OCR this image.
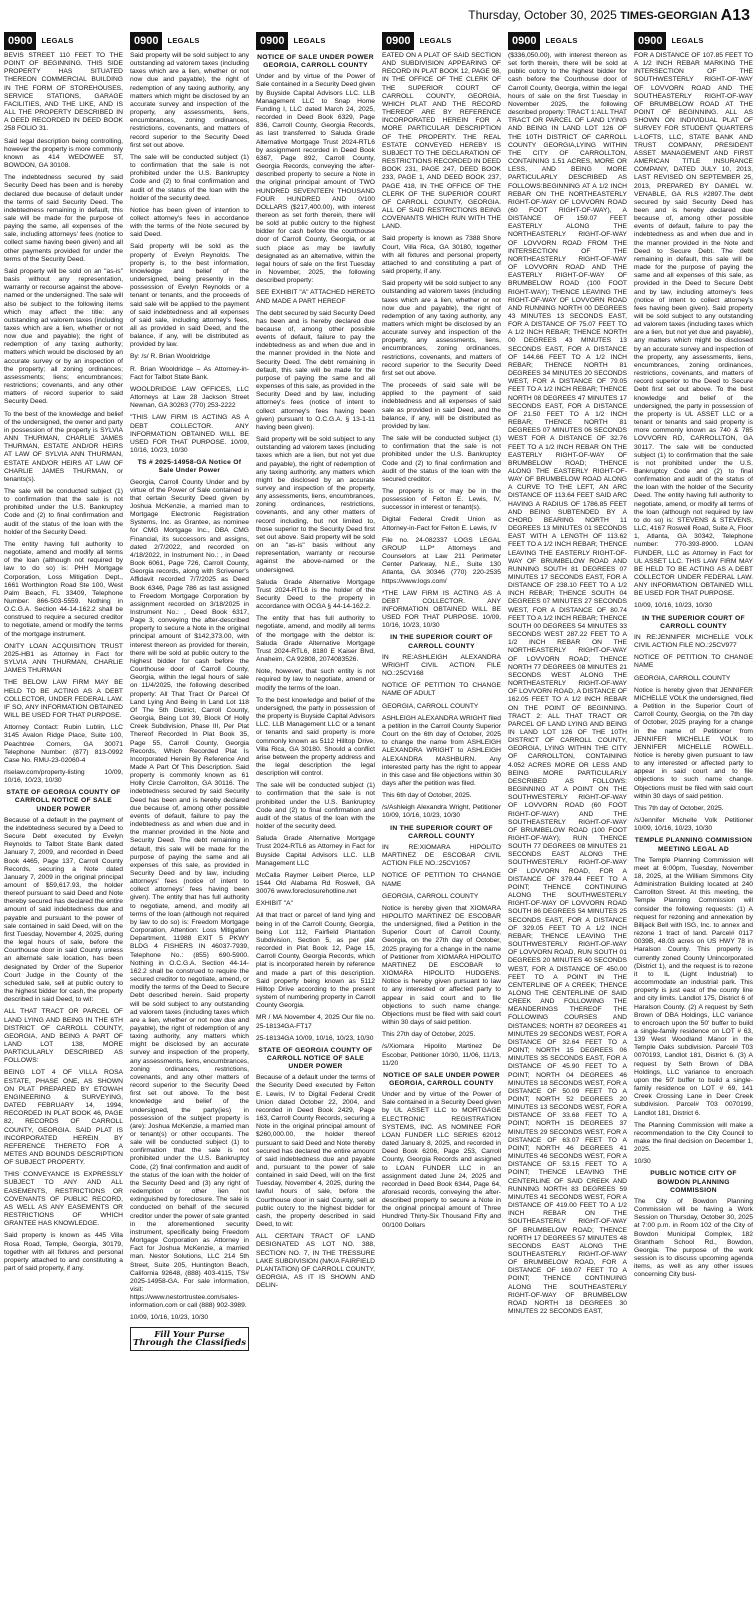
Thursday, October 30, 2025 TIMES-GEORGIAN A13
0900	LEGALS

BEVIS STREET 110 FEET TO THE POINT OF BEGINNING. THIS SIDE PROPERTY HAS SITUATED THEREON COMMERCIAL BUILDING IN THE FORM OF STOREHOUSES, SERVICE STATIONS, GARAGE FACILITIES, AND THE LIKE, AND IS ALL THE PROPERTY DESCRIBED IN A DEED RECORDED IN DEED BOOK 258 FOLIO 31.

Said legal description being controlling, however the property is more commonly known as 414 WEDOWEE ST, BOWDON, GA 30108.

The indebtedness secured by said Security Deed has been and is hereby declared due because of default under the terms of said Security Deed. The indebtedness remaining in default, this sale will be made for the purpose of paying the same, all expenses of the sale, including attorneys' fees (notice to collect same having been given) and all other payments provided for under the terms of the Security Deed.

Said property will be sold on an "as-is" basis without any representation, warranty or recourse against the above-named or the undersigned. The sale will also be subject to the following items which may affect the title: any outstanding ad valorem taxes (including taxes which are a lien, whether or not now due and payable); the right of redemption of any taxing authority; matters which would be disclosed by an accurate survey or by an inspection of the property; all zoning ordinances; assessments; liens; encumbrances; restrictions; covenants, and any other matters of record superior to said Security Deed.

To the best of the knowledge and belief of the undersigned, the owner and party in possession of the property is SYLVIA ANN THURMAN, CHARLIE JAMES THURMAN, ESTATE AND/OR HEIRS AT LAW OF SYLVIA ANN THURMAN, ESTATE AND/OR HEIRS AT LAW OF CHARLIE JAMES THURMAN, or tenants(s).

The sale will be conducted subject (1) to confirmation that the sale is not prohibited under the U.S. Bankruptcy Code and (2) to final confirmation and audit of the status of the loan with the holder of the Security Deed.

The entity having full authority to negotiate, amend and modify all terms of the loan (although not required by law to do so) is: PHH Mortgage Corporation, Loss Mitigation Dept., 1661 Worthington Road Ste 100, West Palm Beach, FL 33409, Telephone Number: 866-503-5559. Nothing in O.C.G.A. Section 44-14-162.2 shall be construed to require a secured creditor to negotiate, amend or modify the terms of the mortgage instrument.

ONITY LOAN ACQUISITION TRUST 2025-HB1 as Attorney in Fact for SYLVIA ANN THURMAN, CHARLIE JAMES THURMAN

THE BELOW LAW FIRM MAY BE HELD TO BE ACTING AS A DEBT COLLECTOR, UNDER FEDERAL LAW. IF SO, ANY INFORMATION OBTAINED WILL BE USED FOR THAT PURPOSE.

Attorney Contact: Rubin Lublin, LLC 3145 Avalon Ridge Place, Suite 100, Peachtree Corners, GA 30071 Telephone Number: (877) 813-0992 Case No. RMU-23-02060-4

rlselaw.com/property-listing 10/09, 10/16, 10/23, 10/30

STATE OF GEORGIA COUNTY OF CARROLL NOTICE OF SALE UNDER POWER

Because of a default in the payment of the indebtedness secured by a Deed to Secure Debt executed by Evelyn Reynolds to Talbot State Bank dated January 7, 2009, and recorded in Deed Book 4465, Page 137, Carroll County Records, securing a Note dated January 7, 2009 in the original principal amount of $59,617.93, the holder thereof pursuant to said Deed and Note thereby secured has declared the entire amount of said indebtedness due and payable and pursuant to the power of sale contained in said Deed, will on the first Tuesday, November 4, 2025, during the legal hours of sale, before the Courthouse door in said County unless an alternate sale location, has been designated by Order of the Superior Court Judge in the County of the scheduled sale, sell at public outcry to the highest bidder for cash, the property described in said Deed, to wit:

ALL THAT TRACT OR PARCEL OF LAND LYING AND BEING IN THE 6TH DISTRICT OF CARROLL COUNTY, GEORGIA, AND BEING A PART OF LAND LOT 138, MORE PARTICULARLY DESCRIBED AS FOLLOWS:

BEING LOT 4 OF VILLA ROSA ESTATE, PHASE ONE, AS SHOWN ON PLAT PREPARED BY ETOWAH ENGINEERING & SURVEYING, DATED FEBRUARY 14, 1994, RECORDED IN PLAT BOOK 46, PAGE 82, RECORDS OF CARROLL COUNTY, GEORGIA. SAID PLAT IS INCORPORATED HEREIN BY REFERENCE THERETO FOR A METES AND BOUNDS DESCRIPTION OF SUBJECT PROPERTY.

THIS CONVEYANCE IS EXPRESSLY SUBJECT TO ANY AND ALL EASEMENTS, RESTRICTIONS OR COVENANTS OF PUBLIC RECORD, AS WELL AS ANY EASEMENTS OR RESTRICTIONS OF WHICH GRANTEE HAS KNOWLEDGE.

Said property is known as 445 Villa Rosa Road, Temple, Georgia, 30179, together with all fixtures and personal property attached to and constituting a part of said property, if any.

0900	LEGALS

Said property will be sold subject to any outstanding ad valorem taxes (including taxes which are a lien, whether or not now due and payable), the right of redemption of any taxing authority, any matters which might be disclosed by an accurate survey and inspection of the property, any assessments, liens, encumbrances, zoning ordinances, restrictions, covenants, and matters of record superior to the Security Deed first set out above.

The sale will be conducted subject (1) to confirmation that the sale is not prohibited under the U.S. Bankruptcy Code and (2) to final confirmation and audit of the status of the loan with the holder of the security deed.

Notice has been given of intention to collect attorney's fees in accordance with the terms of the Note secured by said Deed.

Said property will be sold as the property of Evelyn Reynolds. The property is, to the best information, knowledge and belief of the undersigned, being presently in the possession of Evelyn Reynolds or a tenant or tenants, and the proceeds of said sale will be applied to the payment of said indebtedness and all expenses of said sale, including attorney's fees, all as provided in said Deed, and the balance, if any, will be distributed as provided by law.

By: /s/ R. Brian Wooldridge

R. Brian Wooldridge – As Attorney-in- Fact for Talbot State Bank.

WOOLDRIDGE LAW OFFICES, LLC Attorneys at Law 28 Jackson Street Newnan, GA 30263 (770) 253-2222

"THIS LAW FIRM IS ACTING AS A DEBT COLLECTOR. ANY INFORMATION OBTAINED WILL BE USED FOR THAT PURPOSE. 10/09, 10/16, 10/23, 10/30

TS # 2025-14958-GA Notice Of Sale Under Power

Georgia, Carroll County Under and by virtue of the Power of Sale contained in that certain Security Deed given by Joshua McKenzie, a married man to Mortgage Electronic Registration Systems, Inc. as Grantee, as nominee for CMG Mortgage Inc., DBA CMG Financial, its successors and assigns, dated 2/7/2022, and recorded on 4/18/2022, in Instrument No.: , in Deed Book 6061, Page 726, Carroll County, Georgia records, along with Scrivener's Affidavit recorded 7/7/2025 as Deed Book 6346, Page 786 as last assigned to Freedom Mortgage Corporation by assignment recorded on 3/18/2025 in Instrument No.: , Deed Book 6317, Page 3, conveying the after-described property to secure a Note in the original principal amount of $142,373.00, with interest thereon as provided for therein, there will be sold at public outcry to the highest bidder for cash before the Courthouse door of Carroll County, Georgia, within the legal hours of sale on 11/4/2025, the following described property: All That Tract Or Parcel Of Land Lying And Being In Land Lot 118 Of The 5th District, Carroll County, Georgia, Being Lot 39, Block Of Holly Creek Subdivision, Phase III, Per Plat Thereof Recorded In Plat Book 35, Page 55, Carroll County, Georgia Records, Which Recorded Plat Is Incorporated Herein By Reference And Made A Part Of This Description. Said property is commonly known as 61 Holly Circle Carrollton, GA 30116. The indebtedness secured by said Security Deed has been and is hereby declared due because of, among other possible events of default, failure to pay the indebtedness as and when due and in the manner provided in the Note and Security Deed. The debt remaining in default, this sale will be made for the purpose of paying the same and all expenses of this sale, as provided in Security Deed and by law, including attorneys' fees (notice of intent to collect attorneys' fees having been given). The entity that has full authority to negotiate, amend, and modify all terms of the loan (although not required by law to do so) is: Freedom Mortgage Corporation, Attention: Loss Mitigation Department, 11988 EXIT 5 PKWY BLDG 4 FISHERS IN 46037-7939, Telephone No.: (855) 690-5900. Nothing in O.C.G.A. Section 44-14-162.2 shall be construed to require the secured creditor to negotiate, amend, or modify the terms of the Deed to Secure Debt described herein. Said property will be sold subject to any outstanding ad valorem taxes (including taxes which are a lien, whether or not now due and payable), the right of redemption of any taxing authority, any matters which might be disclosed by an accurate survey and inspection of the property, any assessments, liens, encumbrances, zoning ordinances, restrictions, covenants, and any other matters of record superior to the Security Deed first set out above. To the best knowledge and belief of the undersigned, the party(ies) in possession of the subject property is (are): Joshua McKenzie, a married man or tenant(s) or other occupants. The sale will be conducted subject (1) to confirmation that the sale is not prohibited under the U.S. Bankruptcy Code, (2) final confirmation and audit of the status of the loan with the holder of the Security Deed and (3) any right of redemption or other lien not extinguished by foreclosure. The sale is conducted on behalf of the secured creditor under the power of sale granted in the aforementioned security instrument, specifically being Freedom Mortgage Corporation as Attorney in Fact for Joshua McKenzie, a married man. Nestor Solutions, LLC 214 5th Street, Suite 205, Huntington Beach, California 92648, (888) 403-4115, TS# 2025-14958-GA. For sale information, visit: https://www.nestortrustee.com/sales-information.com or call (888) 902-3989.

10/09, 10/16, 10/23, 10/30

Fill Your Purse Through the Classifieds
0900	LEGALS
NOTICE OF SALE UNDER POWER GEORGIA, CARROLL COUNTY

Under and by virtue of the Power of Sale contained in a Security Deed given by Buyside Capital Advisors LLC. LLB Management LLC to Snap Home Funding I, LLC dated March 24, 2025, recorded in Deed Book 6329, Page 836, Carroll County, Georgia Records, as last transferred to Saluda Grade Alternative Mortgage Trust 2024-RTL6 by assignment recorded in Deed Book 6367, Page 892, Carroll County, Georgia Records, conveying the after-described property to secure a Note in the original principal amount of TWO HUNDRED SEVENTEEN THOUSAND FOUR HUNDRED AND 0/100 DOLLARS ($217,400.00), with interest thereon as set forth therein, there will be sold at public outcry to the highest bidder for cash before the courthouse door of Carroll County, Georgia, or at such place as may be lawfully designated as an alternative, within the legal hours of sale on the first Tuesday in November, 2025, the following described property:

SEE EXHIBIT "A" ATTACHED HERETO AND MADE A PART HEREOF

The debt secured by said Security Deed has been and is hereby declared due because of, among other possible events of default, failure to pay the indebtedness as and when due and in the manner provided in the Note and Security Deed. The debt remaining in default, this sale will be made for the purpose of paying the same and all expenses of this sale, as provided in the Security Deed and by law, including attorney's fees (notice of intent to collect attorney's fees having been given) pursuant to O.C.G.A. § 13-1-11 having been given).

Said property will be sold subject to any outstanding ad valorem taxes (including taxes which are a lien, but not yet due and payable), the right of redemption of any taxing authority, any matters which might be disclosed by an accurate survey and inspection of the property, any assessments, liens, encumbrances, zoning ordinances, restrictions, covenants, and any other matters of record including, but not limited to, those superior to the Security Deed first set out above. Said property will be sold on an "as-is" basis without any representation, warranty or recourse against the above-named or the undersigned.

Saluda Grade Alternative Mortgage Trust 2024-RTL6 is the holder of the Security Deed to the property in accordance with OCGA § 44-14-162.2.

The entity that has full authority to negotiate, amend, and modify all terms of the mortgage with the debtor is: Saluda Grade Alternative Mortgage Trust 2024-RTL6, 8180 E Kaiser Blvd, Anaheim, CA 92808, 2074083526.

Note, however, that such entity is not required by law to negotiate, amend or modify the terms of the loan.

To the best knowledge and belief of the undersigned, the party in possession of the property is Buyside Capital Advisors LLC. LLB Management LLC or a tenant or tenants and said property is more commonly known as 5112 Hilltop Drive, Villa Rica, GA 30180. Should a conflict arise between the property address and the legal description the legal description will control.

The sale will be conducted subject (1) to confirmation that the sale is not prohibited under the U.S. Bankruptcy Code and (2) to final confirmation and audit of the status of the loan with the holder of the security deed.

Saluda Grade Alternative Mortgage Trust 2024-RTL6 as Attorney in Fact for Buyside Capital Advisors LLC. LLB Management LLC

McCalla Raymer Leibert Pierce, LLP 1544 Old Alabama Rd Roswell, GA 30076 www.foreclosurehotline.net

EXHIBIT "A"

All that tract or parcel of land lying and being in of the Carroll County, Georgia, being Lot 112, Fairfield Plantation Subdivision, Section 5, as per plat recorded in Plat Book 12, Page 15, Carroll County, Georgia Records, which plat is incorporated herein by reference and made a part of this description. Said property being known as 5112 Hilltop Drive according to the present system of numbering property in Carroll County Georgia.

MR / MA November 4, 2025 Our file no. 25-18134GA-FT17

25-18134GA 10/09, 10/16, 10/23, 10/30

STATE OF GEORGIA COUNTY OF CARROLL NOTICE OF SALE UNDER POWER

Because of a default under the terms of the Security Deed executed by Felton E. Lewis, IV to Digital Federal Credit Union dated October 22, 2004, and recorded in Deed Book 2429, Page 163, Carroll County Records, securing a Note in the original principal amount of $260,000.00, the holder thereof pursuant to said Deed and Note thereby secured has declared the entire amount of said indebtedness due and payable and, pursuant to the power of sale contained in said Deed, will on the first Tuesday, November 4, 2025, during the lawful hours of sale, before the Courthouse door in said County, sell at public outcry to the highest bidder for cash, the property described in said Deed, to wit:

ALL CERTAIN TRACT OF LAND DESIGNATED AS LOT NO. 388, SECTION NO. 7, IN THE TRESSURE LAKE SUBDIVISION (N/K/A FAIRFIELD PLANTATION) OF CARROLL COUNTY, GEORGIA, AS IT IS SHOWN AND DELIN-

0900	LEGALS

EATED ON A PLAT OF SAID SECTION AND SUBDIVISION APPEARING OF RECORD IN PLAT BOOK 12, PAGE 98, IN THE OFFICE OF THE CLERK OF THE SUPERIOR COURT OF CARROLL COUNTY, GEORGIA, WHICH PLAT AND THE RECORD THEREOF ARE BY REFERENCE INCORPORATED HEREIN FOR A MORE PARTICULAR DESCRIPTION OF THE PROPERTY. THE REAL ESTATE CONVEYED HEREBY IS SUBJECT TO THE DECLARATION OF RESTRICTIONS RECORDED IN DEED BOOK 231, PAGE 247, DEED BOOK 233, PAGE 1, AND DEED BOOK 237, PAGE 418, IN THE OFFICE OF THE CLERK OF THE SUPERIOR COURT OF CARROLL COUNTY, GEORGIA. ALL OF SAID RESTRICTIONS BEING COVENANTS WHICH RUN WITH THE LAND.

Said property is known as 7388 Shore Court, Villa Rica, GA 30180, together with all fixtures and personal property attached to and constituting a part of said property, if any.

Said property will be sold subject to any outstanding ad valorem taxes (including taxes which are a lien, whether or not now due and payable), the right of redemption of any taxing authority, any matters which might be disclosed by an accurate survey and inspection of the property, any assessments, liens, encumbrances, zoning ordinances, restrictions, covenants, and matters of record superior to the Security Deed first set out above.

The proceeds of said sale will be applied to the payment of said indebtedness and all expenses of said sale as provided in said Deed, and the balance, if any, will be distributed as provided by law.

The sale will be conducted subject (1) to confirmation that the sale is not prohibited under the U.S. Bankruptcy Code and (2) to final confirmation and audit of the status of the loan with the secured creditor.

The property is or may be in the possession of Felton E. Lewis, IV, successor in interest or tenant(s).

Digital Federal Credit Union as Attorney-in-Fact for Felton E. Lewis, IV

File no. 24-082337 LOGS LEGAL GROUP LLP* Attorneys and Counselors at Law 211 Perimeter Center Parkway, N.E., Suite 130 Atlanta, GA 30346 (770) 220-2535 https://www.logs.com/

*THE LAW FIRM IS ACTING AS A DEBT COLLECTOR. ANY INFORMATION OBTAINED WILL BE USED FOR THAT PURPOSE. 10/09, 10/16, 10/23, 10/30

IN THE SUPERIOR COURT OF CARROLL COUNTY

IN RE:ASHLEIGH ALEXANDRA WRIGHT CIVIL ACTION FILE NO.:25CV168

NOTICE OF PETITION TO CHANGE NAME OF ADULT

GEORGIA, CARROLL COUNTY

ASHLEIGH ALEXANDRA WRIGHT filed a petition in the Carroll County Superior Court on the 6th day of October, 2025 to change the name from ASHLEIGH ALEXANDRA WRIGHT to ASHLEIGH ALEXANDRA MASHBURN. Any interested party has the right to appear in this case and file objections within 30 days after the petition was filed.

This 6th day of October, 2025.

/s/Ashleigh Alexandra Wright, Petitioner 10/09, 10/16, 10/23, 10/30

IN THE SUPERIOR COURT OF CARROLL COUNTY

IN RE:XIOMARA HIPOLITO MARTINEZ DE ESCOBAR CIVIL ACTION FILE NO.:25CV1057

NOTICE OF PETITION TO CHANGE NAME

GEORGIA, CARROLL COUNTY

Notice is hereby given that XIOMARA HIPOLITO MARTINEZ DE ESCOBAR the undersigned, filed a Petition in the Superior Court of Carroll County, Georgia, on the 27th day of October, 2025 praying for a change in the name of Petitioner from XIOMARA HIPOLITO MARTINEZ DE ESCOBAR to XIOMARA HIPOLITO HUDGENS. Notice is hereby given pursuant to law to any interested or affected party to appear in said court and to file objections to such name change. Objections must be filed with said court within 30 days of said petition.

This 27th day of October, 2025.

/s/Xiomara Hipolito Martinez De Escobar, Petitioner 10/30, 11/06, 11/13, 11/20

NOTICE OF SALE UNDER POWER GEORGIA, CARROLL COUNTY

Under and by virtue of the Power of Sale contained in a Security Deed given by UL ASSET LLC to MORTGAGE ELECTRONIC REGISTRATION SYSTEMS, INC. AS NOMINEE FOR LOAN FUNDER LLC SERIES 62012 dated January 8, 2025, and recorded in Deed Book 6206, Page 253, Carroll County, Georgia Records and assigned to LOAN FUNDER LLC in an assignment dated June 24, 2025 and recorded in Deed Book 6344, Page 64, aforesaid records, conveying the after-described property to secure a Note in the original principal amount of Three Hundred Thirty-Six Thousand Fifty and 00/100 Dollars

0900	LEGALS

($336,050.00), with interest thereon as set forth therein, there will be sold at public outcry to the highest bidder for cash before the Courthouse door of Carroll County, Georgia, within the legal hours of sale on the first Tuesday in November 2025, the following described property: TRACT 1:ALL THAT TRACT OR PARCEL OF LAND LYING AND BEING IN LAND LOT 126 OF THE 10TH DISTRICT OF CARROLL COUNTY GEORGIA,LYING WITHIN THE CITY OF CARROLLTON, CONTAINING 1.51 ACRES, MORE OR LESS, AND BEING MORE PARTICULARLY DESCRIBED AS FOLLOWS:BEGINNING AT A 1/2 INCH REBAR ON THE NORTHEASTERLY RIGHT-OF-WAY OF LOVVORN ROAD (60 FOOT RIGHT-OF-WAY), A DISTANCE OF 159.07 FEET EASTERLY ALONG THE NORTHEASTERLY RIGHT-OF-WAY OF LOVVORN ROAD FROM THE INTERSECTION OF THE NORTHEASTERLY RIGHT-OF-WAY OF LOVVORN ROAD AND THE EASTERLY RIGHT-OF-WAY OF BRUMBELOW ROAD (100 FOOT RIGHT-WAY); THENCE LEAVING THE RIGHT-OF-WAY OF LOVVORN ROAD AND RUNNING NORTH 00 DEGREES 43 MINUTES 13 SECONDS EAST, FOR A DISTANCE OF 75.07 FEET TO A 1/2 INCH REBAR; THENCE NORTH 00 DEGREES 43 MINUTES 13 SECONDS EAST, FOR A DISTANCE OF 144.66 FEET TO A 1/2 INCH REBAR; THENCE NORTH 81 DEGREES 34 MINUTES 20 SECONDS WEST, FOR A DISTANCE OF 79.05 FEET TO A 1/2 INCH REBAR; THENCE NORTH 08 DEGREES 47 MINUTES 17 SECONDS EAST, FOR A DISTANCE OF 21.50 FEET TO A 1/2 INCH REBAR; THENCE NORTH 81 DEGREES 07 MINUTES 06 SECONDS WEST FOR A DISTANCE OF 32.76 FEET TO A 1/2 INCH REBAR ON THE EASTERLY RIGHT-OF-WAY OF BRUMBELOW ROAD; THENCE ALONG THE EASTERLY RIGHT-OF-WAY OF BRUMBELOW ROAD ALONG A CURVE TO THE LEFT, AN ARC DISTANCE OF 113.64 FEET SAID ARC HAVING A RADIUS OF 1786.85 FEET AND BEING SUBTENDED BY A CHORD BEARING NORTH 11 DEGREES 13 MINUTES 01 SECONDS EAST WITH A LENGTH OF 113.62 FEET TO A 1/2 INCH REBAR; THENCE LEAVING THE EASTERLY RIGHT-OF-WAY OF BRUMBELOW ROAD AND RUNNING SOUTH 81 DEGREES 07 MINUTES 17 SECONDS EAST, FOR A DISTANCE OF 238.10 FEET TO A 1/2 INCH REBAR; THENCE SOUTH 04 DEGREES 07 MINUTES 27 SECONDS WEST, FOR A DISTANCE OF 80.74 FEET TO A 1/2 INCH REBAR; THENCE SOUTH 00 DEGREES 54 MINUTES 33 SECONDS WEST 287.22 FEET TO A 1/2 INCH REBAR ON THE NORTHEASTERLY RIGHT-OF-WAY OF LOVVORN ROAD; THENCE NORTH 77 DEGREES 08 MINUTES 21 SECONDS WEST ALONG THE NORTHEASTERLY RIGHT-OF-WAY OF LOVVORN ROAD, A DISTANCE OF 162.05 FEET TO A 1/2 INCH REBAR ON THE POINT OF BEGINNING. TRACT 2: ALL THAT TRACT OR PARCEL OF LAND LYING AND BEING IN LAND LOT 126 OF THE 10TH DISTRICT OF CARROLL COUNTY, GEORGIA, LYING WITHIN THE CITY OF CARROLLTON, CONTAINING 4.052 ACRES MORE OR LESS AND BEING MORE PARTICULARLY DESCRIBED AS FOLLOWS: BEGINNING AT A POINT ON THE SOUTHWESTERLY RIGHT-OF-WAY OF LOVVORN ROAD (60 FOOT RIGHT-OF-WAY) AND THE SOUTHEASTERLY RIGHT-OF-WAY OF BRUMBELOW ROAD (100 FOOT RIGHT-OF-WAY); RUN THENCE SOUTH 77 DEGREES 08 MINUTES 21 SECONDS EAST ALONG THE SOUTHWESTERLY RIGHT-OF-WAY OF LOVVORN ROAD, FOR A DISTANCE OF 379.44 FEET TO A POINT; THENCE CONTINUING ALONG THE SOUTHWESTERLY RIGHT-OF-WAY OF LOVVORN ROAD SOUTH 86 DEGREES 54 MINUTES 25 SECONDS EAST, FOR A DISTANCE OF 329.05 FEET TO A 1/2 INCH REBAR; THENCE LEAVING THE SOUTHWESTERLY RIGHT-OF-WAY OF LOVVORN ROAD, RUN SOUTH 01 DEGREES 20 MINUTES 40 SECONDS WEST, FOR A DISTANCE OF 450.00 FEET TO A POINT IN THE CENTERLINE OF A CREEK; THENCE ALONG THE CENTERLINE OF SAID CREEK AND FOLLOWING THE MEANDERINGS THEREOF THE FOLLOWING COURSES AND DISTANCES: NORTH 87 DEGREES 41 MINUTES 29 SECONDS WEST, FOR A DISTANCE OF 32.64 FEET TO A POINT; NORTH 15 DEGREES 06 MINUTES 35 SECONDS EAST, FOR A DISTANCE OF 45.90 FEET TO A POINT; NORTH 04 DEGREES 46 MINUTES 18 SECONDS WEST, FOR A DISTANCE OF 50.09 FEET TO A POINT; NORTH 52 DEGREES 20 MINUTES 13 SECONDS WEST, FOR A DISTANCE OF 33.68 FEET TO A POINT; NORTH 15 DEGREES 37 MINUTES 29 SECONDS WEST, FOR A DISTANCE OF 63.07 FEET TO A POINT; NORTH 46 DEGREES 41 MINUTES 46 SECONDS WEST, FOR A DISTANCE OF 53.15 FEET TO A POINT; THENCE LEAVING THE CENTERLINE OF SAID CREEK AND RUNNING NORTH 83 DEGREES 59 MINUTES 41 SECONDS WEST, FOR A DISTANCE OF 419.00 FEET TO A 1/2 INCH REBAR ON THE SOUTHEASTERLY RIGHT-OF-WAY OF BRUMBELOW ROAD; THENCE NORTH 17 DEGREES 57 MINUTES 48 SECONDS EAST ALONG THE SOUTHEASTERLY RIGHT-OF-WAY OF BRUMBELOW ROAD, FOR A DISTANCE OF 169.07 FEET TO A POINT; THENCE CONTINUING ALONG THE SOUTHEASTERLY RIGHT-OF-WAY OF BRUMBELOW ROAD NORTH 18 DEGREES 30 MINUTES 22 SECONDS EAST,

0900	LEGALS

FOR A DISTANCE OF 107.85 FEET TO A 1/2 INCH REBAR MARKING THE INTERSECTION OF THE SOUTHWESTERLY RIGHT-OF-WAY OF LOVVORN ROAD AND THE SOUTHEASTERLY RIGHT-OF-WAY OF BRUMBELOW ROAD AT THE POINT OF BEGINNING. ALL AS SHOWN ON INDIVIDUAL PLAT OF SURVEY FOR STUDENT QUARTERS L-LOFTS, LLC, STATE BANK AND TRUST COMPANY, PRESIDENT ASSET MANAGEMENT AND FIRST AMERICAN TITLE INSURANCE COMPANY, DATED JULY 10, 2013, LAST REVISED ON SEPTEMBER 25, 2013, PREPARED BY DANIEL W. VENABLE, GA RLS #2897.The debt secured by said Security Deed has been and is hereby declared due because of, among other possible events of default, failure to pay the indebtedness as and when due and in the manner provided in the Note and Deed to Secure Debt. The debt remaining in default, this sale will be made for the purpose of paying the same and all expenses of this sale, as provided in the Deed to Secure Debt and by law, including attorney's fees (notice of intent to collect attorney's fees having been given). Said property will be sold subject to any outstanding ad valorem taxes (including taxes which are a lien, but not yet due and payable), any matters which might be disclosed by an accurate survey and inspection of the property, any assessments, liens, encumbrances, zoning ordinances, restrictions, covenants, and matters of record superior to the Deed to Secure Debt first set out above. To the best knowledge and belief of the undersigned, the party in possession of the property is UL ASSET LLC or a tenant or tenants and said property is more commonly known as 740 & 785 LOVVORN RD, CARROLLTON, GA 30117. The sale will be conducted subject (1) to confirmation that the sale is not prohibited under the U.S. Bankruptcy Code and (2) to final confirmation and audit of the status of the loan with the holder of the Security Deed. The entity having full authority to negotiate, amend, or modify all terms of the loan (although not required by law to do so) is: STEVENS & STEVENS, LLC, 4167 Roswell Road, Suite A, Floor 1, Atlanta, GA 30342, Telephone number: 770-393-8900. LOAN FUNDER, LLC as Attorney in Fact for UL ASSET LLC. THIS LAW FIRM MAY BE HELD TO BE ACTING AS A DEBT COLLECTOR UNDER FEDERAL LAW. ANY INFORMATION OBTAINED WILL BE USED FOR THAT PURPOSE.

10/09, 10/16, 10/23, 10/30

IN THE SUPERIOR COURT OF CARROLL COUNTY

IN RE:JENNIFER MICHELLE VOLK CIVIL ACTION FILE NO.:25CV977

NOTICE OF PETITION TO CHANGE NAME

GEORGIA, CARROLL COUNTY

Notice is hereby given that JENNIFER MICHELLE VOLK the undersigned, filed a Petition in the Superior Court of Carroll County, Georgia, on the 7th day of October, 2025 praying for a change in the name of Petitioner from JENNIFER MICHELLE VOLK to JENNIFER MICHELLE ROWELL. Notice is hereby given pursuant to law to any interested or affected party to appear in said court and to file objections to such name change. Objections must be filed with said court within 30 days of said petition.

This 7th day of October, 2025.

/s/Jennifer Michelle Volk Petitioner 10/09, 10/16, 10/23, 10/30

TEMPLE PLANNING COMMISSION MEETING LEGAL AD

The Temple Planning Commission will meet at 6:00pm, Tuesday, November 18, 2025, at the William Simmons City Administration Building located at 240 Carrollton Street. At this meeting, the Temple Planning Commission will consider the following requests: (1) A request for rezoning and annexation by Billjack Bell with ISG, Inc. to annex and rezone 1 tract of land. Parcel# 0117 0039B, 48.03 acres on US HWY 78 in Haralson County. This property is currently zoned County Unincorporated (District 1), and the request is to rezone it to IL (Light Industrial) to accommodate an industrial park. This property is just east of the county line and city limits. Landlot 175, District 6 of Haralson County. (2) A request by Seth Brown of DBA Holdings, LLC variance to encroach upon the 50' buffer to build a single-family residence on LOT # 63, 139 West Woodland Manor in the Temple Oaks subdivision. Parcel# T03 0070193, Landlot 181, District 6. (3) A request by Seth Brown of DBA Holdings, LLC variance to encroach upon the 50' buffer to build a single-family residence on LOT # 69, 141 Creek Crossing Lane in Deer Creek subdivision. Parcel# T03 0070199, Landlot 181, District 6.

The Planning Commission will make a recommendation to the City Council to make the final decision on December 1, 2025.

10/30

PUBLIC NOTICE CITY OF BOWDON PLANNING COMMISSION

The City of Bowdon Planning Commission will be having a Work Session on Thursday, October 30, 2025 at 7:00 p.m. in Room 102 of the City of Bowdon Municipal Complex, 182 Grantham School Rd., Bowdon, Georgia. The purpose of the work session is to discuss upcoming agenda items, as well as any other issues concerning City busi-
